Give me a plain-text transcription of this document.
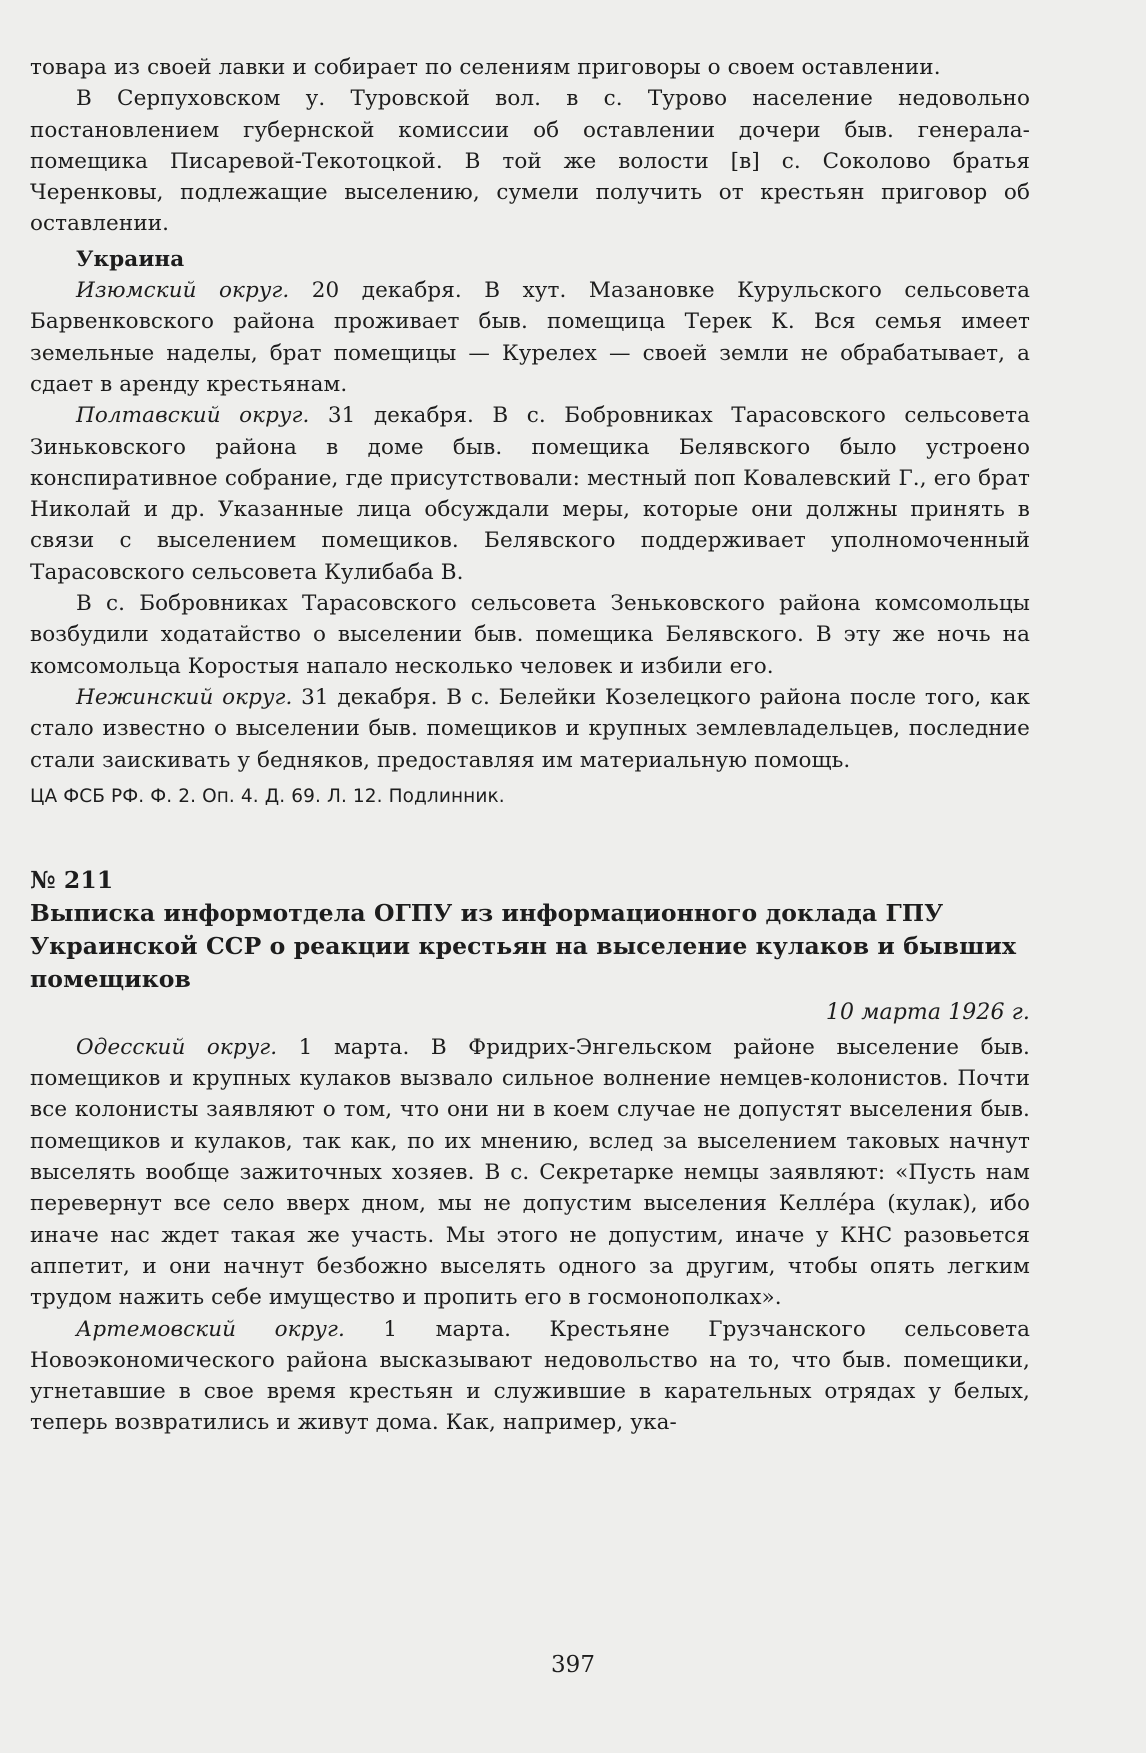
товара из своей лавки и собирает по селениям приговоры о своем оставлении.

В Серпуховском у. Туровской вол. в с. Турово население недовольно постановлением губернской комиссии об оставлении дочери быв. генерала-помещика Писаревой-Текотоцкой. В той же волости [в] с. Соколово братья Черенковы, подлежащие выселению, сумели получить от крестьян приговор об оставлении.

Украина

Изюмский округ. 20 декабря. В хут. Мазановке Курульского сельсовета Барвенковского района проживает быв. помещица Терек К. Вся семья имеет земельные наделы, брат помещицы — Курелех — своей земли не обрабатывает, а сдает в аренду крестьянам.

Полтавский округ. 31 декабря. В с. Бобровниках Тарасовского сельсовета Зиньковского района в доме быв. помещика Белявского было устроено конспиративное собрание, где присутствовали: местный поп Ковалевский Г., его брат Николай и др. Указанные лица обсуждали меры, которые они должны принять в связи с выселением помещиков. Белявского поддерживает уполномоченный Тарасовского сельсовета Кулибаба В.

В с. Бобровниках Тарасовского сельсовета Зеньковского района комсомольцы возбудили ходатайство о выселении быв. помещика Белявского. В эту же ночь на комсомольца Коростыя напало несколько человек и избили его.

Нежинский округ. 31 декабря. В с. Белейки Козелецкого района после того, как стало известно о выселении быв. помещиков и крупных землевладельцев, последние стали заискивать у бедняков, предоставляя им материальную помощь.

ЦА ФСБ РФ. Ф. 2. Оп. 4. Д. 69. Л. 12. Подлинник.
№ 211
Выписка информотдела ОГПУ из информационного доклада ГПУ Украинской ССР о реакции крестьян на выселение кулаков и бывших помещиков
10 марта 1926 г.

Одесский округ. 1 марта. В Фридрих-Энгельском районе выселение быв. помещиков и крупных кулаков вызвало сильное волнение немцев-колонистов. Почти все колонисты заявляют о том, что они ни в коем случае не допустят выселения быв. помещиков и кулаков, так как, по их мнению, вслед за выселением таковых начнут выселять вообще зажиточных хозяев. В с. Секретарке немцы заявляют: «Пусть нам перевернут все село вверх дном, мы не допустим выселения Келле́ра (кулак), ибо иначе нас ждет такая же участь. Мы этого не допустим, иначе у КНС разовьется аппетит, и они начнут безбожно выселять одного за другим, чтобы опять легким трудом нажить себе имущество и пропить его в госмонополках».

Артемовский округ. 1 марта. Крестьяне Грузчанского сельсовета Новоэкономического района высказывают недовольство на то, что быв. помещики, угнетавшие в свое время крестьян и служившие в карательных отрядах у белых, теперь возвратились и живут дома. Как, например, ука-

397
